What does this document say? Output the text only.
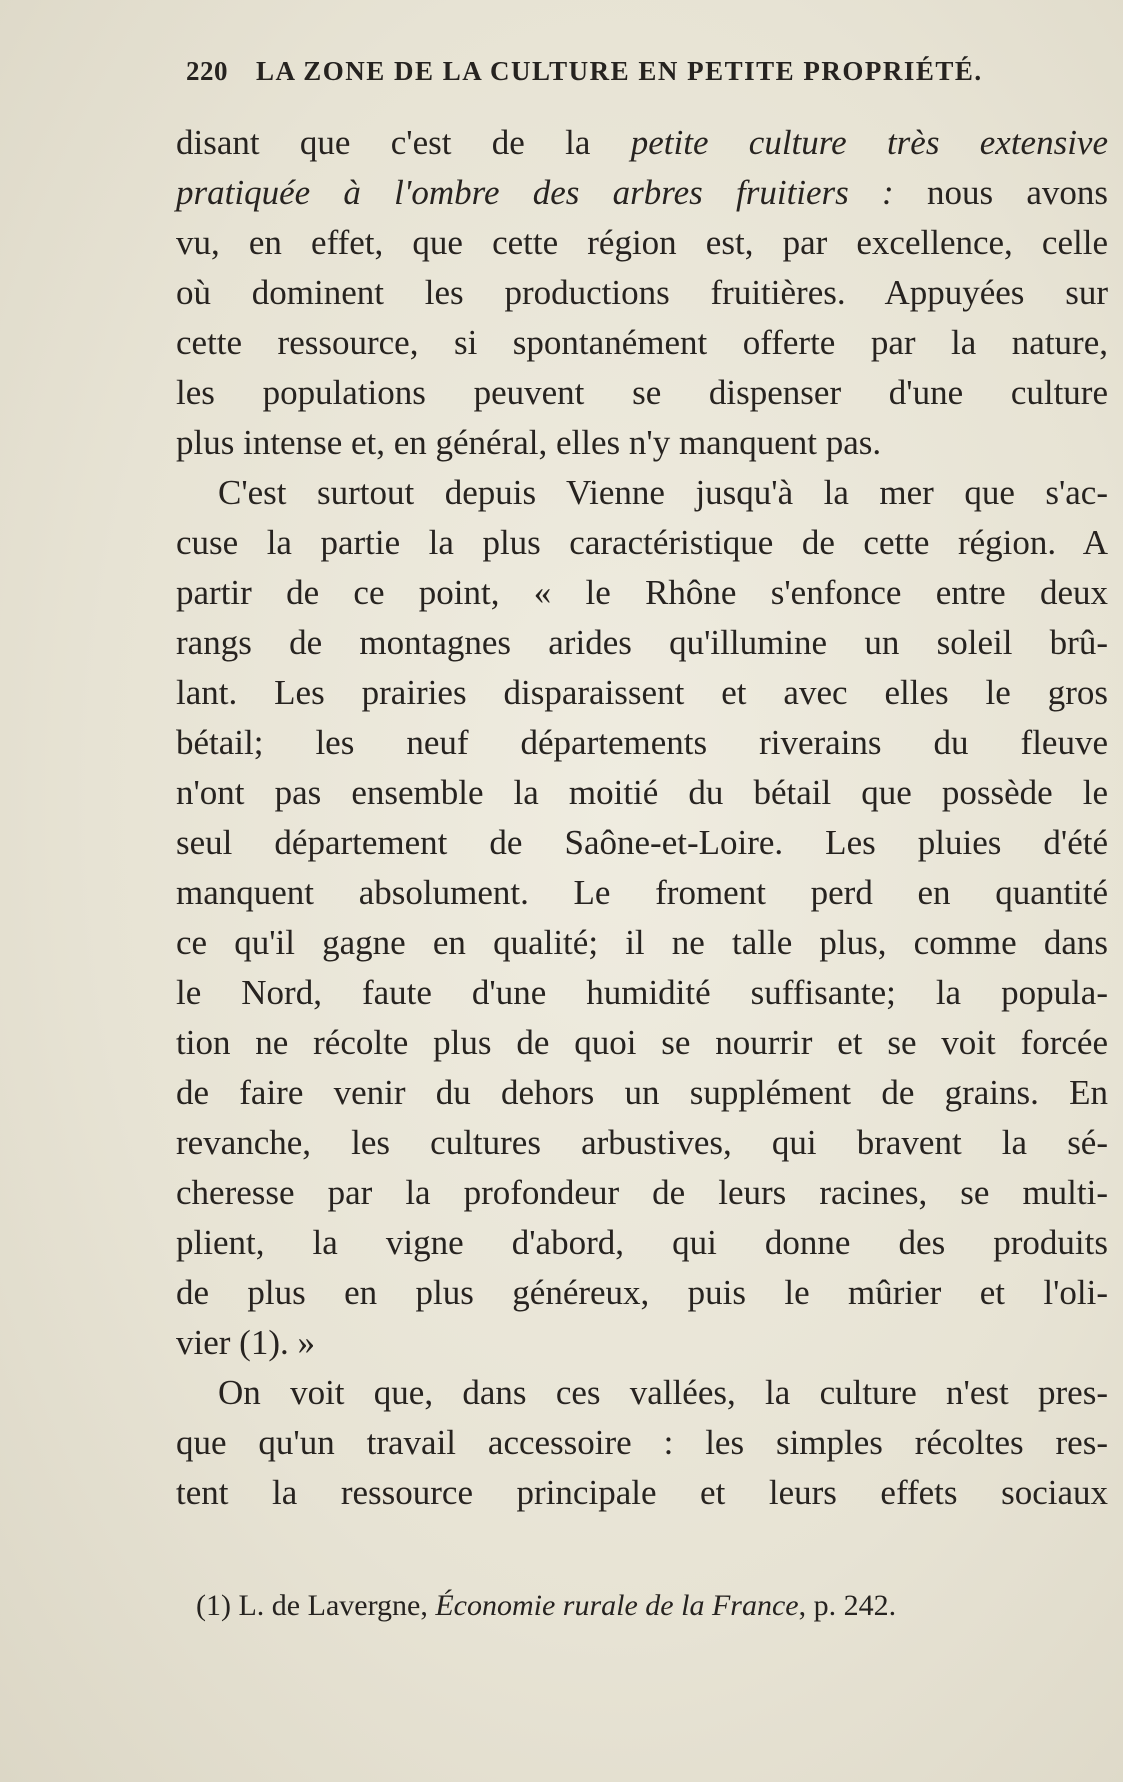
220 LA ZONE DE LA CULTURE EN PETITE PROPRIÉTÉ.
disant que c'est de la petite culture très extensive
pratiquée à l'ombre des arbres fruitiers : nous avons
vu, en effet, que cette région est, par excellence, celle
où dominent les productions fruitières. Appuyées sur
cette ressource, si spontanément offerte par la nature,
les populations peuvent se dispenser d'une culture
plus intense et, en général, elles n'y manquent pas.
C'est surtout depuis Vienne jusqu'à la mer que s'ac-
cuse la partie la plus caractéristique de cette région. A
partir de ce point, « le Rhône s'enfonce entre deux
rangs de montagnes arides qu'illumine un soleil brû-
lant. Les prairies disparaissent et avec elles le gros
bétail; les neuf départements riverains du fleuve
n'ont pas ensemble la moitié du bétail que possède le
seul département de Saône-et-Loire. Les pluies d'été
manquent absolument. Le froment perd en quantité
ce qu'il gagne en qualité; il ne talle plus, comme dans
le Nord, faute d'une humidité suffisante; la popula-
tion ne récolte plus de quoi se nourrir et se voit forcée
de faire venir du dehors un supplément de grains. En
revanche, les cultures arbustives, qui bravent la sé-
cheresse par la profondeur de leurs racines, se multi-
plient, la vigne d'abord, qui donne des produits
de plus en plus généreux, puis le mûrier et l'oli-
vier (1). »
On voit que, dans ces vallées, la culture n'est pres-
que qu'un travail accessoire : les simples récoltes res-
tent la ressource principale et leurs effets sociaux
(1) L. de Lavergne, Économie rurale de la France, p. 242.
